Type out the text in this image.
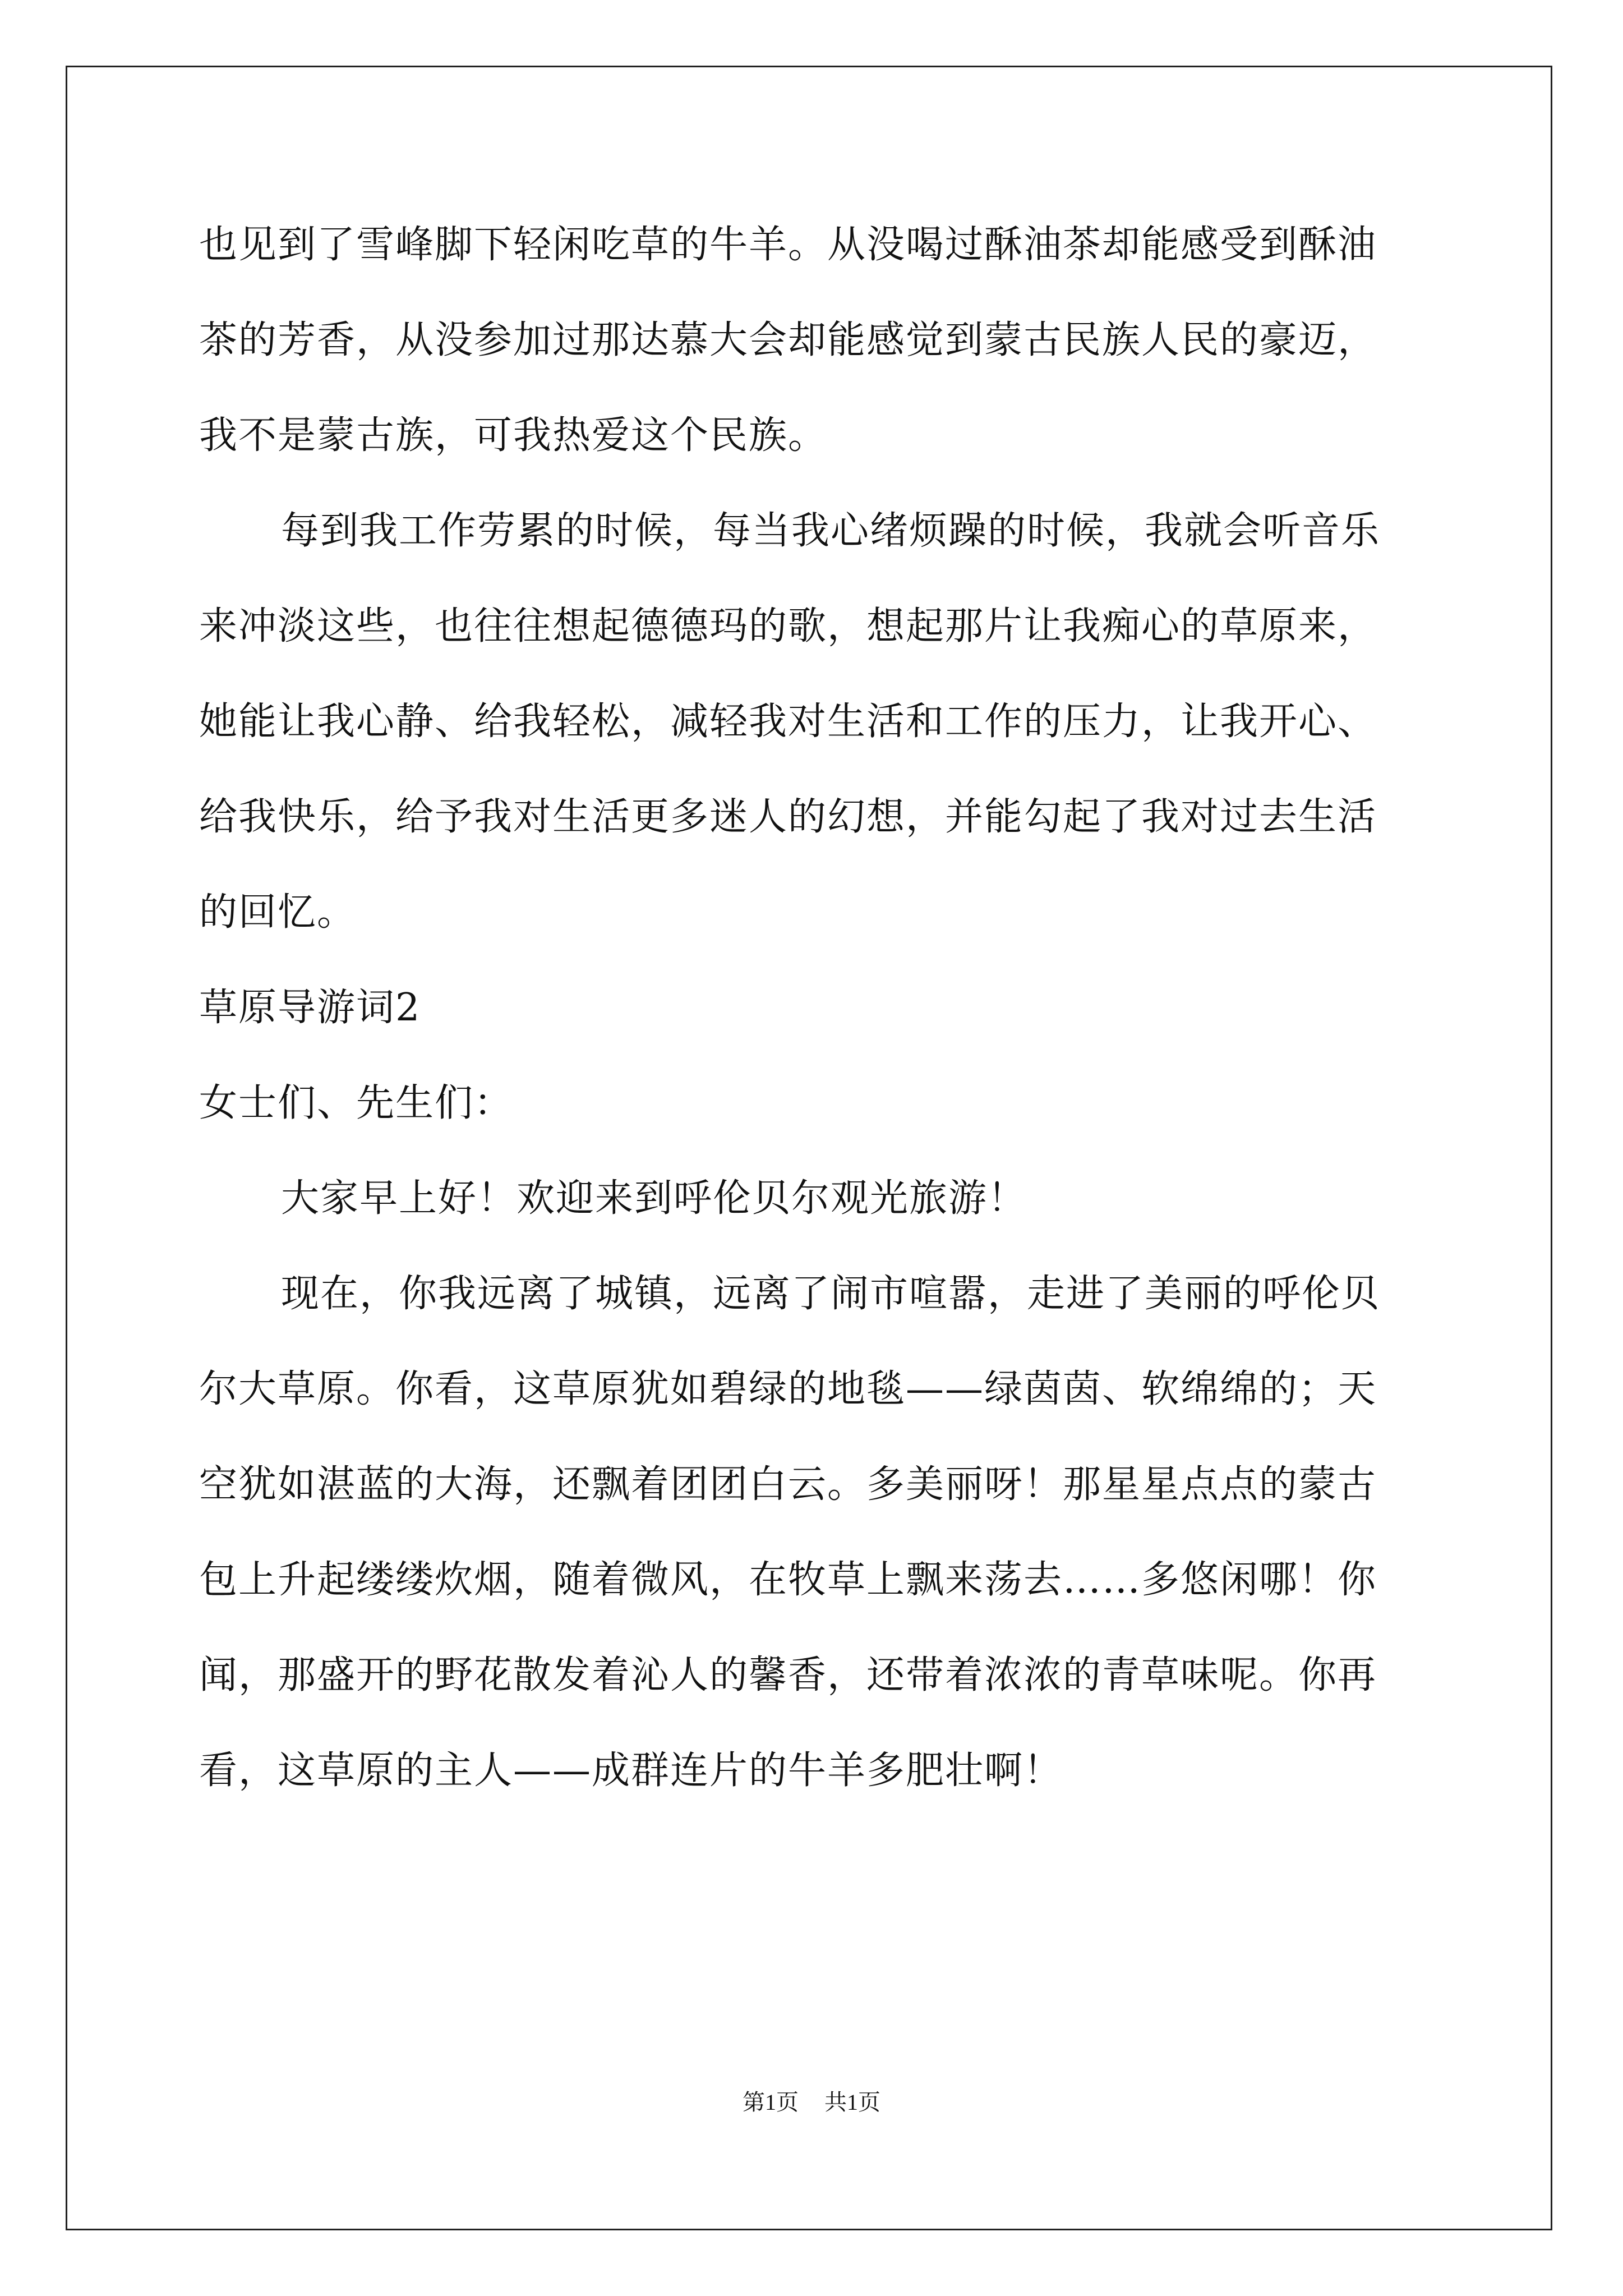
也见到了雪峰脚下轻闲吃草的牛羊。从没喝过酥油茶却能感受到酥油
茶的芳香，从没参加过那达慕大会却能感觉到蒙古民族人民的豪迈，
我不是蒙古族，可我热爱这个民族。
每到我工作劳累的时候，每当我心绪烦躁的时候，我就会听音乐
来冲淡这些，也往往想起德德玛的歌，想起那片让我痴心的草原来，
她能让我心静、给我轻松，减轻我对生活和工作的压力，让我开心、
给我快乐，给予我对生活更多迷人的幻想，并能勾起了我对过去生活
的回忆。
草原导游词2
女士们、先生们：
大家早上好！欢迎来到呼伦贝尔观光旅游！
现在，你我远离了城镇，远离了闹市喧嚣，走进了美丽的呼伦贝
尔大草原。你看，这草原犹如碧绿的地毯——绿茵茵、软绵绵的；天
空犹如湛蓝的大海，还飘着团团白云。多美丽呀！那星星点点的蒙古
包上升起缕缕炊烟，随着微风，在牧草上飘来荡去……多悠闲哪！你
闻，那盛开的野花散发着沁人的馨香，还带着浓浓的青草味呢。你再
看，这草原的主人——成群连片的牛羊多肥壮啊！
第1页 共1页
